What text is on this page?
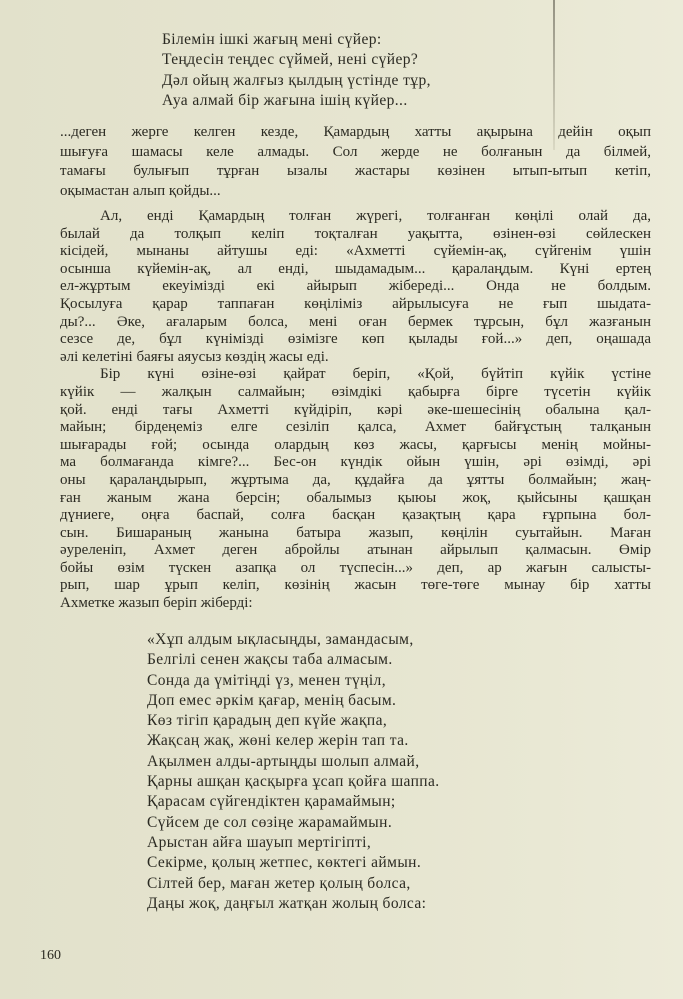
Білемін ішкі жағың мені сүйер:
Теңдесін теңдес сүймей, нені сүйер?
Дәл ойың жалғыз қылдың үстінде тұр,
Ауа алмай бір жағына ішің күйер...
...деген жерге келген кезде, Қамардың хатты ақырына дейін оқып
шығуға шамасы келе алмады. Сол жерде не болғанын да білмей,
тамағы булығып тұрған ызалы жастары көзінен ытып-ытып кетіп,
оқымастан алып қойды...
Ал, енді Қамардың толған жүрегі, толғанған көңілі олай да,
былай да толқып келіп тоқталған уақытта, өзінен-өзі сөйлескен
кісідей, мынаны айтушы еді: «Ахметті сүйемін-ақ, сүйгенім үшін
осынша күйемін-ақ, ал енді, шыдамадым... қаралаңдым. Күні ертең
ел-жұртым екеуімізді екі айырып жібереді... Онда не болдым.
Қосылуға қарар таппаған көңіліміз айрылысуға не ғып шыдата-
ды?... Әке, ағаларым болса, мені оған бермек тұрсын, бұл жазғанын
сезсе де, бұл күнімізді өзімізге көп қылады ғой...» деп, оңашада
әлі келетіні баяғы аяусыз көздің жасы еді.
Бір күні өзіне-өзі қайрат беріп, «Қой, бүйтіп күйік үстіне
күйік — жалқын салмайын; өзімдікі қабырға бірге түсетін күйік
қой. енді тағы Ахметті күйдіріп, кәрі әке-шешесінің обалына қал-
майын; бірдеңеміз елге сезіліп қалса, Ахмет байғұстың талқанын
шығарады ғой; осында олардың көз жасы, қарғысы менің мойны-
ма болмағанда кімге?... Бес-он күндік ойын үшін, әрі өзімді, әрі
оны қаралаңдырып, жұртыма да, құдайға да ұятты болмайын; жаң-
ған жаным жана берсін; обалымыз қыюы жоқ, қыйсыны қашқан
дүниеге, оңға баспай, солға басқан қазақтың қара ғұрпына бол-
сын. Бишараның жанына батыра жазып, көңілін суытайын. Маған
әуреленіп, Ахмет деген абройлы атынан айрылып қалмасын. Өмір
бойы өзім түскен азапқа ол түспесін...» деп, ар жағын салысты-
рып, шар ұрып келіп, көзінің жасын төге-төге мынау бір хатты
Ахметке жазып беріп жіберді:
«Хұп алдым ықласыңды, замандасым,
Белгілі сенен жақсы таба алмасым.
Сонда да үмітіңді үз, менен түңіл,
Доп емес әркім қағар, менің басым.
Көз тігіп қарадың деп күйе жақпа,
Жақсаң жақ, жөні келер жерін тап та.
Ақылмен алды-артыңды шолып алмай,
Қарны ашқан қасқырға ұсап қойға шаппа.
Қарасам сүйгендіктен қарамаймын;
Сүйсем де сол сөзіңе жарамаймын.
Арыстан айға шауып мертігіпті,
Секірме, қолың жетпес, көктегі аймын.
Сілтей бер, маған жетер қолың болса,
Даңы жоқ, даңғыл жатқан жолың болса:
160
